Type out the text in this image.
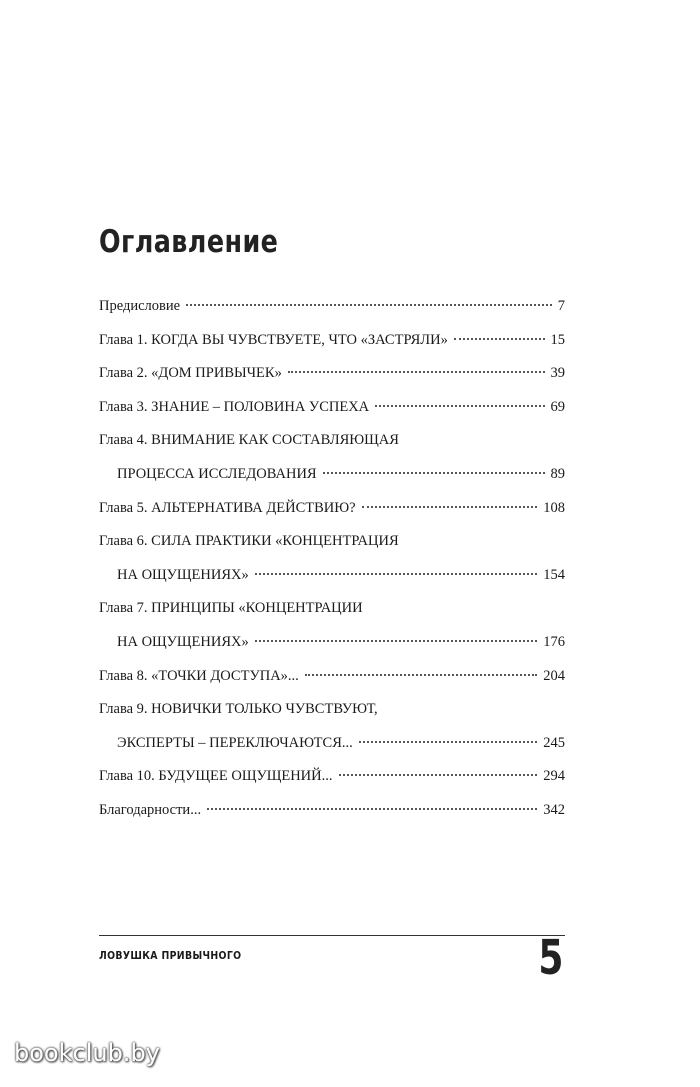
Оглавление
Предисловие	7
Глава 1. КОГДА ВЫ ЧУВСТВУЕТЕ, ЧТО «ЗАСТРЯЛИ»	15
Глава 2. «ДОМ ПРИВЫЧЕК»	39
Глава 3. ЗНАНИЕ – ПОЛОВИНА УСПЕХА	69
Глава 4. ВНИМАНИЕ КАК СОСТАВЛЯЮЩАЯ
ПРОЦЕССА ИССЛЕДОВАНИЯ	89
Глава 5. АЛЬТЕРНАТИВА ДЕЙСТВИЮ?	108
Глава 6. СИЛА ПРАКТИКИ «КОНЦЕНТРАЦИЯ
НА ОЩУЩЕНИЯХ»	154
Глава 7. ПРИНЦИПЫ «КОНЦЕНТРАЦИИ
НА ОЩУЩЕНИЯХ»	176
Глава 8. «ТОЧКИ ДОСТУПА»...	204
Глава 9. НОВИЧКИ ТОЛЬКО ЧУВСТВУЮТ,
ЭКСПЕРТЫ – ПЕРЕКЛЮЧАЮТСЯ...	245
Глава 10. БУДУЩЕЕ ОЩУЩЕНИЙ...	294
Благодарности...	342
ЛОВУШКА ПРИВЫЧНОГО	5
bookclub.by
